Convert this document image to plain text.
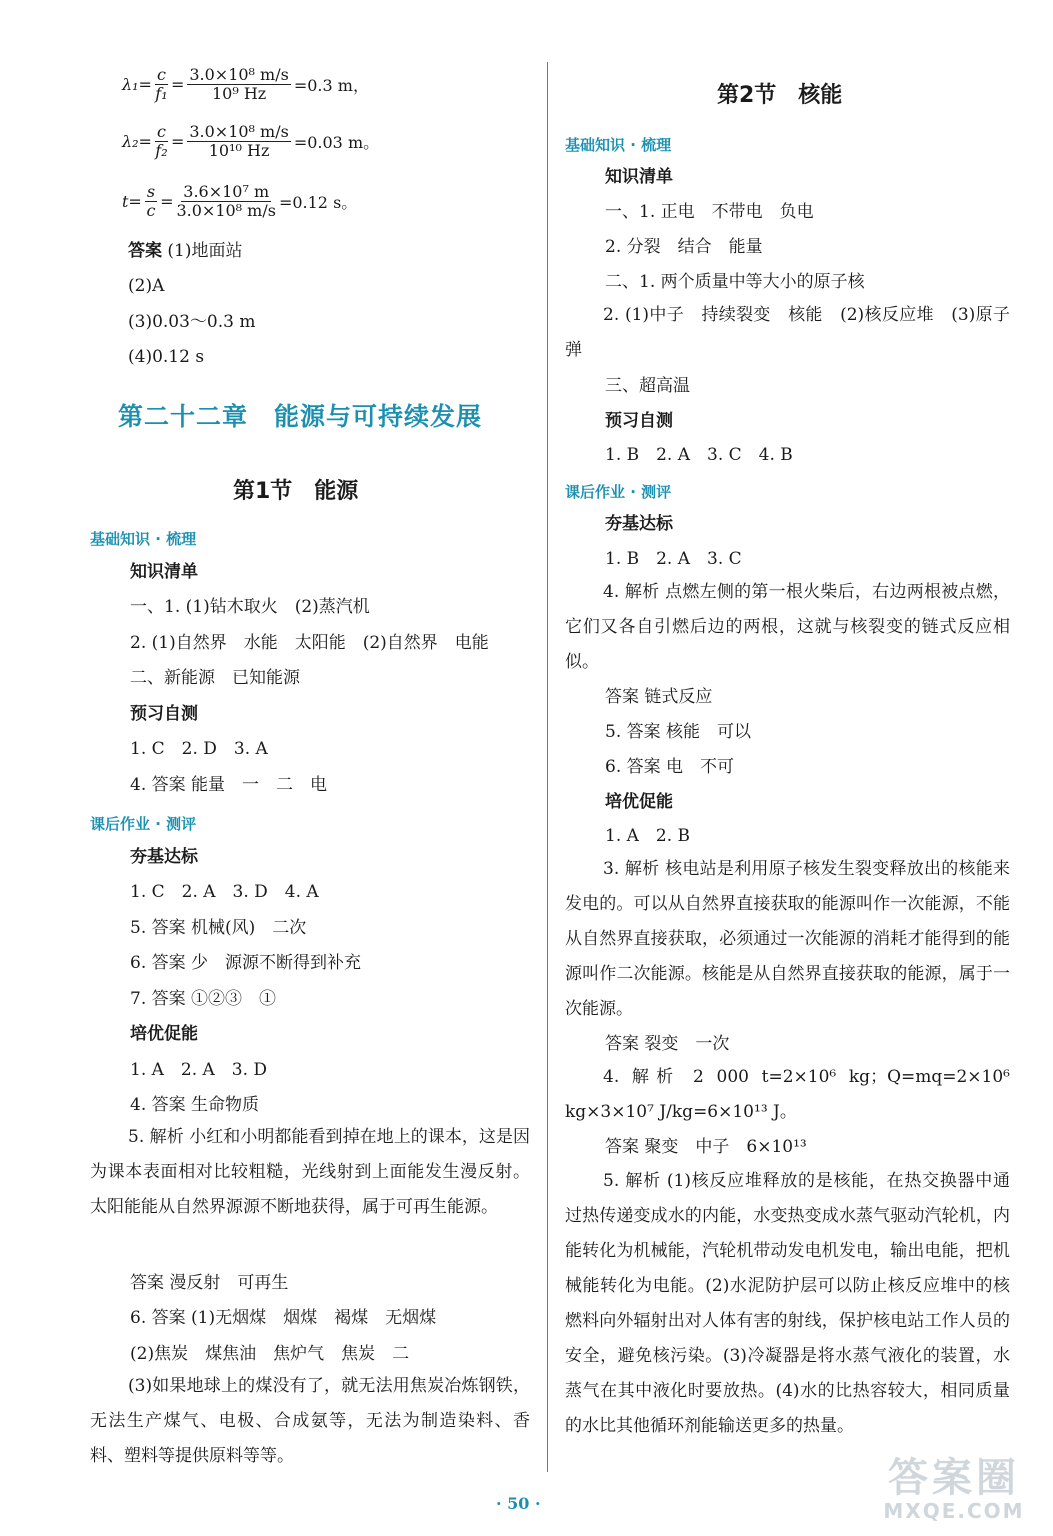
$\lambda_1= \frac{c}{\text{f₁}} = \frac{\text{3.0×10⁸ m/s}}{\text{10⁹ Hz}} =0.3$ m，
$\lambda_2= \frac{c}{\text{f₂}} = \frac{\text{3.0×10⁸ m/s}}{\text{10¹⁰ Hz}} =0.03$ m。
$t= \frac{s}{c} = \frac{\text{3.6×10⁷ m}}{\text{3.0×10⁸ m/s}} =0.12$ s。
答案 (1)地面站
(2)A
(3)0.03～0.3 m
(4)0.12 s
第二十二章　能源与可持续发展
第1节　能源
基础知识 · 梳理
知识清单
一、1. (1)钻木取火　(2)蒸汽机
2. (1)自然界　水能　太阳能　(2)自然界　电能
二、新能源　已知能源
预习自测
1. C　2. D　3. A
4. 答案 能量　一　二　电
课后作业 · 测评
夯基达标
1. C　2. A　3. D　4. A
5. 答案 机械(风)　二次
6. 答案 少　源源不断得到补充
7. 答案 ①②③　①
培优促能
1. A　2. A　3. D
4. 答案 生命物质
5. 解析 小红和小明都能看到掉在地上的课本，这是因为课本表面相对比较粗糙，光线射到上面能发生漫反射。太阳能能从自然界源源不断地获得，属于可再生能源。
答案 漫反射　可再生
6. 答案 (1)无烟煤　烟煤　褐煤　无烟煤
(2)焦炭　煤焦油　焦炉气　焦炭　二
(3)如果地球上的煤没有了，就无法用焦炭冶炼钢铁，无法生产煤气、电极、合成氨等，无法为制造染料、香料、塑料等提供原料等等。
第2节　核能
基础知识 · 梳理
知识清单
一、1. 正电　不带电　负电
2. 分裂　结合　能量
二、1. 两个质量中等大小的原子核
2. (1)中子　持续裂变　核能　(2)核反应堆　(3)原子弹
三、超高温
预习自测
1. B　2. A　3. C　4. B
课后作业 · 测评
夯基达标
1. B　2. A　3. C
4. 解析 点燃左侧的第一根火柴后，右边两根被点燃，它们又各自引燃后边的两根，这就与核裂变的链式反应相似。
答案 链式反应
5. 答案 核能　可以
6. 答案 电　不可
培优促能
1. A　2. B
3. 解析 核电站是利用原子核发生裂变释放出的核能来发电的。可以从自然界直接获取的能源叫作一次能源，不能从自然界直接获取，必须通过一次能源的消耗才能得到的能源叫作二次能源。核能是从自然界直接获取的能源，属于一次能源。
答案 裂变　一次
4. 解析 2 000 t=2×10⁶ kg；Q=mq=2×10⁶ kg×3×10⁷ J/kg=6×10¹³ J。
答案 聚变　中子　6×10¹³
5. 解析 (1)核反应堆释放的是核能，在热交换器中通过热传递变成水的内能，水变热变成水蒸气驱动汽轮机，内能转化为机械能，汽轮机带动发电机发电，输出电能，把机械能转化为电能。(2)水泥防护层可以防止核反应堆中的核燃料向外辐射出对人体有害的射线，保护核电站工作人员的安全，避免核污染。(3)冷凝器是将水蒸气液化的装置，水蒸气在其中液化时要放热。(4)水的比热容较大，相同质量的水比其他循环剂能输送更多的热量。
· 50 ·
答案圈
MXQE.COM
